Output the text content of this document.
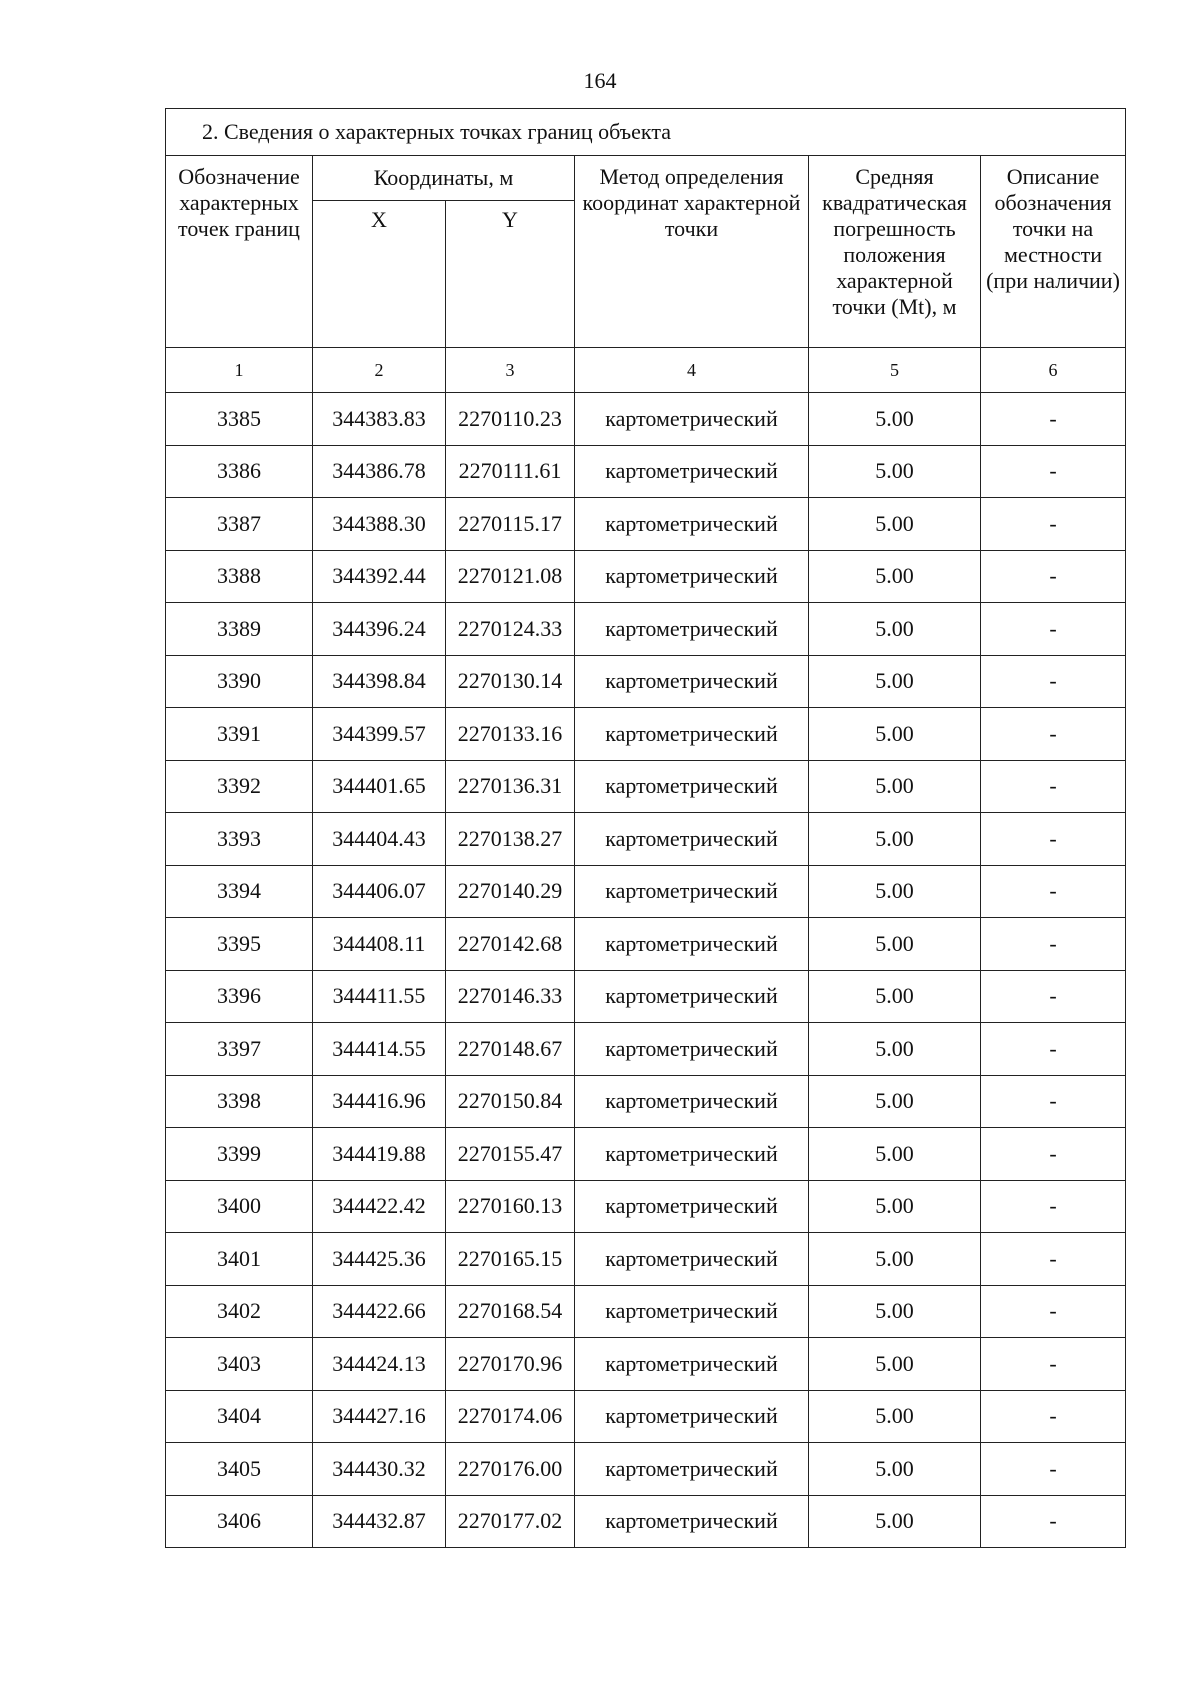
164
2. Сведения о характерных точках границ объекта					
Обозначение характерных точек границ	Координаты, м		Метод определения координат характерной точки	Средняя квадратическая погрешность положения характерной точки (Mt), м	Описание обозначения точки на местности (при наличии)
	X	Y			
1	2	3	4	5	6
3385	344383.83	2270110.23	картометрический	5.00	-
3386	344386.78	2270111.61	картометрический	5.00	-
3387	344388.30	2270115.17	картометрический	5.00	-
3388	344392.44	2270121.08	картометрический	5.00	-
3389	344396.24	2270124.33	картометрический	5.00	-
3390	344398.84	2270130.14	картометрический	5.00	-
3391	344399.57	2270133.16	картометрический	5.00	-
3392	344401.65	2270136.31	картометрический	5.00	-
3393	344404.43	2270138.27	картометрический	5.00	-
3394	344406.07	2270140.29	картометрический	5.00	-
3395	344408.11	2270142.68	картометрический	5.00	-
3396	344411.55	2270146.33	картометрический	5.00	-
3397	344414.55	2270148.67	картометрический	5.00	-
3398	344416.96	2270150.84	картометрический	5.00	-
3399	344419.88	2270155.47	картометрический	5.00	-
3400	344422.42	2270160.13	картометрический	5.00	-
3401	344425.36	2270165.15	картометрический	5.00	-
3402	344422.66	2270168.54	картометрический	5.00	-
3403	344424.13	2270170.96	картометрический	5.00	-
3404	344427.16	2270174.06	картометрический	5.00	-
3405	344430.32	2270176.00	картометрический	5.00	-
3406	344432.87	2270177.02	картометрический	5.00	-
